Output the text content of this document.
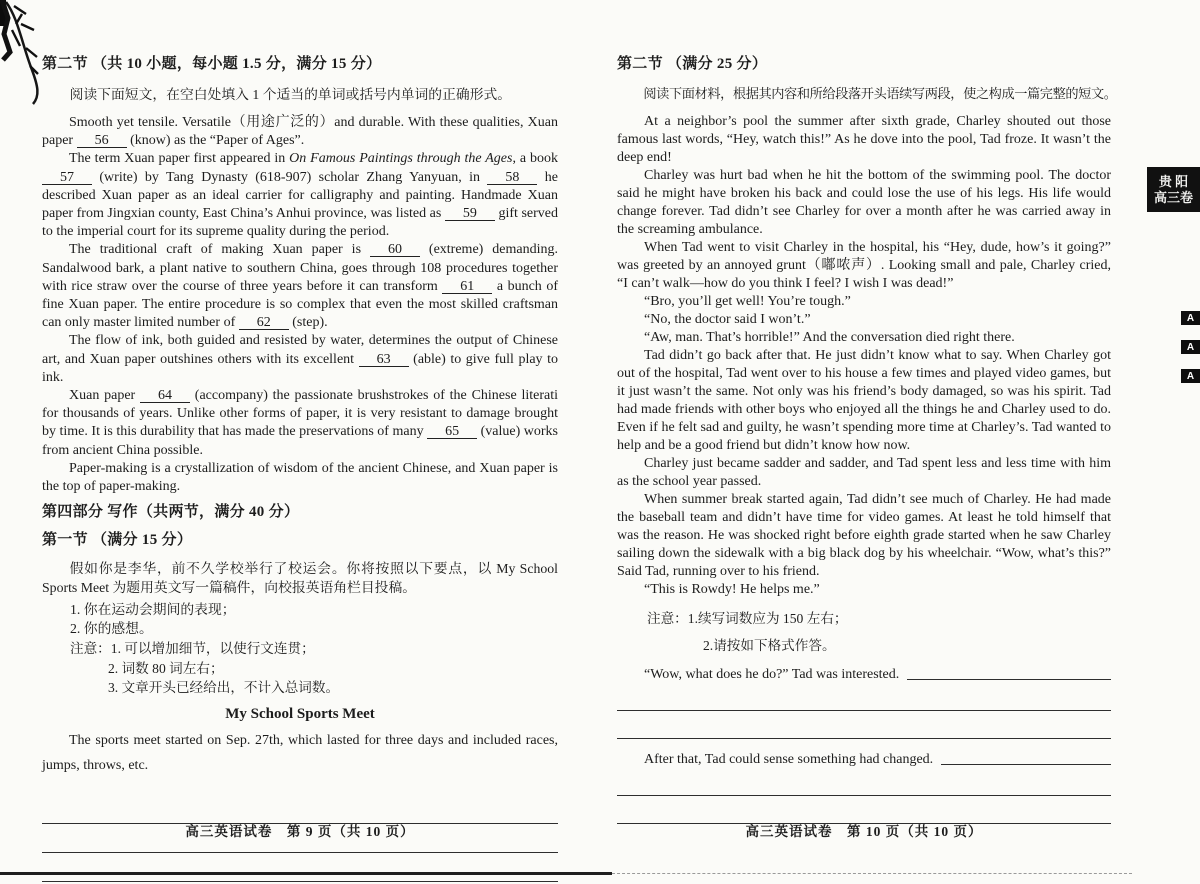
第二节 （共 10 小题，每小题 1.5 分，满分 15 分）

阅读下面短文，在空白处填入 1 个适当的单词或括号内单词的正确形式。

Smooth yet tensile. Versatile（用途广泛的）and durable. With these qualities, Xuan paper 56 (know) as the “Paper of Ages”.

The term Xuan paper first appeared in On Famous Paintings through the Ages, a book 57 (write) by Tang Dynasty (618-907) scholar Zhang Yanyuan, in 58 he described Xuan paper as an ideal carrier for calligraphy and painting. Handmade Xuan paper from Jingxian county, East China’s Anhui province, was listed as 59 gift served to the imperial court for its supreme quality during the period.

The traditional craft of making Xuan paper is 60 (extreme) demanding. Sandalwood bark, a plant native to southern China, goes through 108 procedures together with rice straw over the course of three years before it can transform 61 a bunch of fine Xuan paper. The entire procedure is so complex that even the most skilled craftsman can only master limited number of 62 (step).

The flow of ink, both guided and resisted by water, determines the output of Chinese art, and Xuan paper outshines others with its excellent 63 (able) to give full play to ink.

Xuan paper 64 (accompany) the passionate brushstrokes of the Chinese literati for thousands of years. Unlike other forms of paper, it is very resistant to damage brought by time. It is this durability that has made the preservations of many 65 (value) works from ancient China possible.

Paper-making is a crystallization of wisdom of the ancient Chinese, and Xuan paper is the top of paper-making.

第四部分 写作（共两节，满分 40 分）
第一节 （满分 15 分）

假如你是李华，前不久学校举行了校运会。你将按照以下要点，以 My School Sports Meet 为题用英文写一篇稿件，向校报英语角栏目投稿。

1. 你在运动会期间的表现；

2. 你的感想。

注意：1. 可以增加细节，以使行文连贯；

2. 词数 80 词左右；

3. 文章开头已经给出，不计入总词数。

My School Sports Meet

The sports meet started on Sep. 27th, which lasted for three days and included races, jumps, throws, etc.

高三英语试卷　第 9 页（共 10 页）
第二节 （满分 25 分）

阅读下面材料，根据其内容和所给段落开头语续写两段，使之构成一篇完整的短文。

At a neighbor’s pool the summer after sixth grade, Charley shouted out those famous last words, “Hey, watch this!” As he dove into the pool, Tad froze. It wasn’t the deep end!

Charley was hurt bad when he hit the bottom of the swimming pool. The doctor said he might have broken his back and could lose the use of his legs. His life would change forever. Tad didn’t see Charley for over a month after he was carried away in the screaming ambulance.

When Tad went to visit Charley in the hospital, his “Hey, dude, how’s it going?” was greeted by an annoyed grunt（嘟哝声）. Looking small and pale, Charley cried, “I can’t walk—how do you think I feel? I wish I was dead!”

“Bro, you’ll get well! You’re tough.”

“No, the doctor said I won’t.”

“Aw, man. That’s horrible!” And the conversation died right there.

Tad didn’t go back after that. He just didn’t know what to say. When Charley got out of the hospital, Tad went over to his house a few times and played video games, but it just wasn’t the same. Not only was his friend’s body damaged, so was his spirit. Tad had made friends with other boys who enjoyed all the things he and Charley used to do. Even if he felt sad and guilty, he wasn’t spending more time at Charley’s. Tad wanted to help and be a good friend but didn’t know how now.

Charley just became sadder and sadder, and Tad spent less and less time with him as the school year passed.

When summer break started again, Tad didn’t see much of Charley. He had made the baseball team and didn’t have time for video games. At least he told himself that was the reason. He was shocked right before eighth grade started when he saw Charley sailing down the sidewalk with a big black dog by his wheelchair. “Wow, what’s this?” Said Tad, running over to his friend.

“This is Rowdy! He helps me.”

注意：1.续写词数应为 150 左右；

2.请按如下格式作答。

“Wow, what does he do?” Tad was interested.

After that, Tad could sense something had changed.

高三英语试卷　第 10 页（共 10 页）
贵 阳
高三卷
A
A
A
